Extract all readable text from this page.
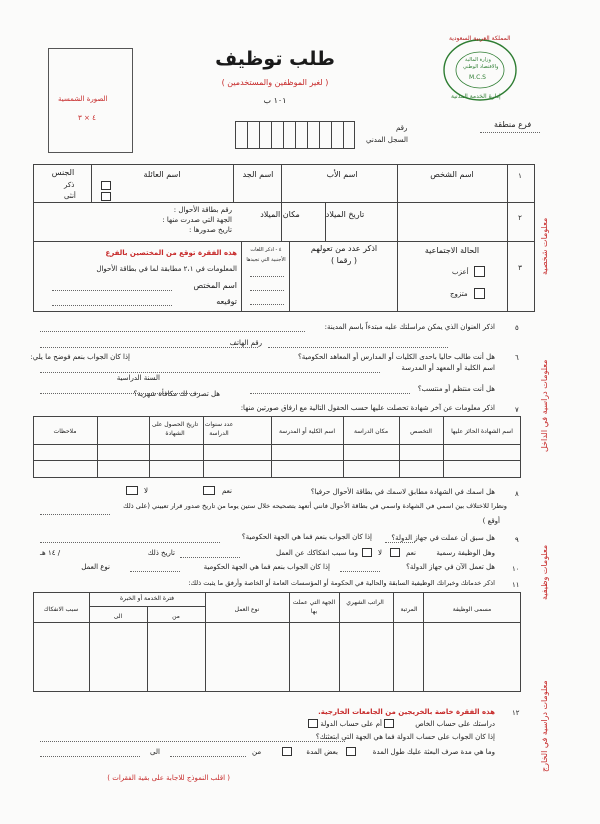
المملكة العربية السعودية
وزارة المالية
والاقتصاد الوطني
M.C.S
إدارة الخدمة المدنية
طلب توظيف
( لغير الموظفين والمستخدمين )
١٠١ ب
الصورة الشمسية
٤ × ٣
فرع منطقة
رقم
السجل المدني
معلومات شخصية
معلومات دراسية في الداخل
معلومات وظيفية
معلومات دراسية في الخارج
١
اسم الشخص
اسم الأب
اسم الجد
اسم العائلة
الجنس
ذكر
أنثى
٢
تاريخ الميلاد
مكان الميلاد
رقم بطاقة الأحوال :
الجهة التي صدرت منها :
تاريخ صدورها :
٣
الحالة الاجتماعية
أعزب
متزوج
اذكر عدد من تعولهم
( رقما )
٤ - اذكر اللغات
الأجنبية التي تجيدها
هذه الفقرة توقع من المختصين بالفرع
المعلومات في ٢،١ مطابقة لما في بطاقة الأحوال
اسم المختص
توقيعه
٥
اذكر العنوان الذي يمكن مراسلتك عليه مبتدءاً باسم المدينة:
رقم الهاتف
٦
هل أنت طالب حاليا باحدى الكليات أو المدارس أو المعاهد الحكومية؟
إذا كان الجواب بنعم فوضح ما يلي:
اسم الكلية أو المعهد أو المدرسة
السنة الدراسية
هل أنت منتظم أو منتسب؟
هل تصرف لك مكافأة شهرية؟
٧
اذكر معلومات عن آخر شهادة تحصلت عليها حسب الحقول التالية مع ارفاق صورتين منها:
اسم الشهادة الحائز عليها
التخصص
مكان الدراسة
اسم الكلية أو المدرسة
عدد سنوات الدراسة
تاريخ الحصول على الشهادة
ملاحظات
٨
هل اسمك في الشهادة مطابق لاسمك في بطاقة الأحوال حرفيا؟
نعم
لا
ونظرا للاختلاف بين اسمي في الشهادة واسمي في بطاقة الأحوال فانني أتعهد بتصحيحه خلال ستين يوما من تاريخ صدور قرار تعييني (على ذلك
أوقع )
٩
هل سبق أن عملت في جهاز الدولة؟
إذا كان الجواب بنعم فما هي الجهة الحكومية؟
وهل الوظيفة رسمية
نعم
لا
وما سبب انفكاكك عن العمل
تاريخ ذلك
/ ١٤ هـ
١٠
هل تعمل الآن في جهاز الدولة؟
إذا كان الجواب بنعم فما هي الجهة الحكومية
نوع العمل
١١
اذكر خدماتك وخبراتك الوظيفية السابقة والحالية في الحكومة أو المؤسسات العامة أو الخاصة وأرفق ما يثبت ذلك:
مسمى الوظيفة
المرتبة
الراتب الشهري
الجهة التي عملت بها
نوع العمل
فترة الخدمة أو الخبرة
من
الى
سبب الانفكاك
١٢
هذه الفقرة خاصة بالخريجين من الجامعات الخارجية.
دراستك على حساب الخاص
أم على حساب الدولة
إذا كان الجواب على حساب الدولة فما هي الجهة التي ابتعثتك؟
وما هي مدة صرف البعثة عليك طول المدة
بعض المدة
من
الى
( اقلب النموذج للاجابة على بقية الفقرات )
